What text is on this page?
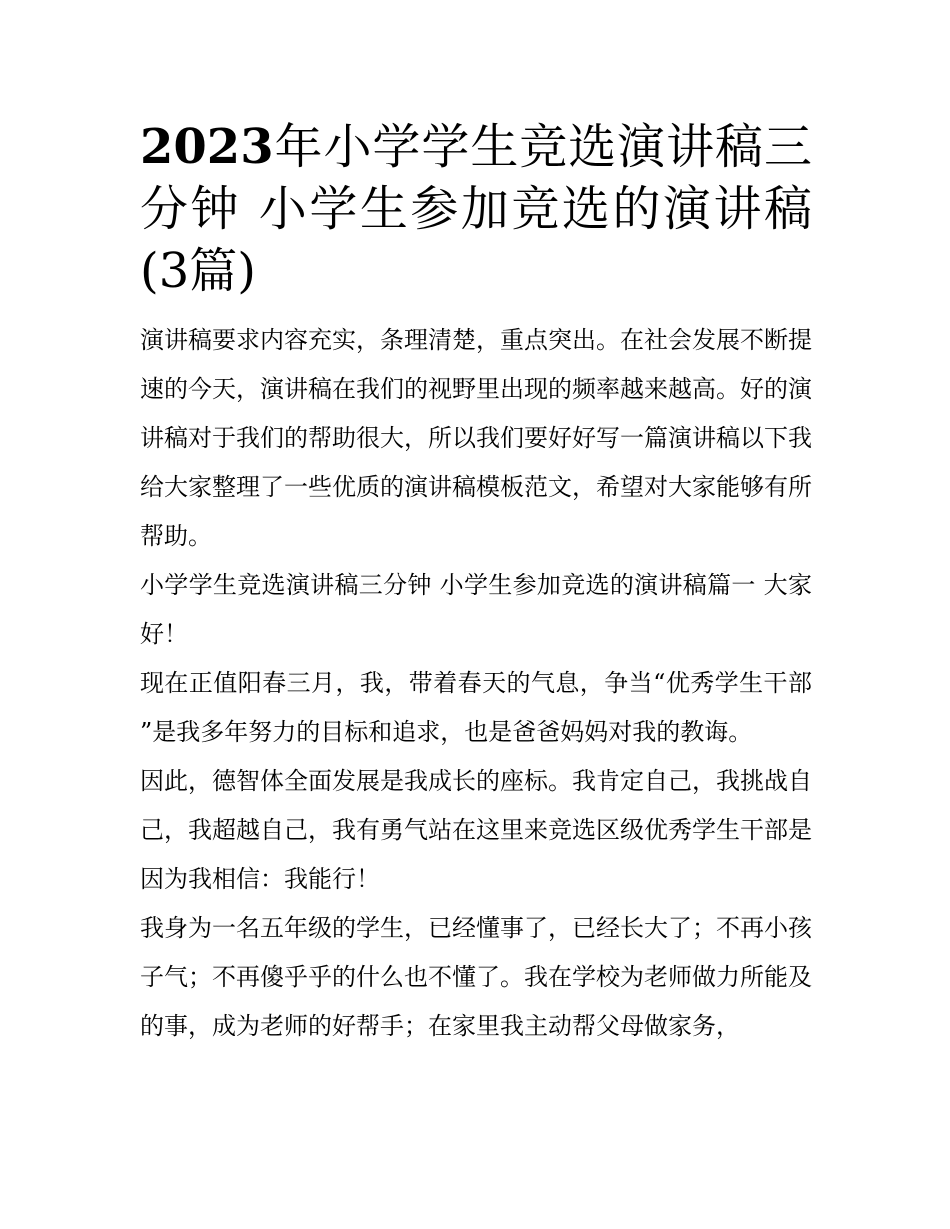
2023年小学学生竞选演讲稿三分钟 小学生参加竞选的演讲稿(3篇)

演讲稿要求内容充实，条理清楚，重点突出。在社会发展不断提速的今天，演讲稿在我们的视野里出现的频率越来越高。好的演讲稿对于我们的帮助很大，所以我们要好好写一篇演讲稿以下我给大家整理了一些优质的演讲稿模板范文，希望对大家能够有所帮助。

小学学生竞选演讲稿三分钟 小学生参加竞选的演讲稿篇一 大家好！

现在正值阳春三月，我，带着春天的气息，争当“优秀学生干部”是我多年努力的目标和追求，也是爸爸妈妈对我的教诲。

因此，德智体全面发展是我成长的座标。我肯定自己，我挑战自己，我超越自己，我有勇气站在这里来竞选区级优秀学生干部是因为我相信：我能行！

我身为一名五年级的学生，已经懂事了，已经长大了；不再小孩子气；不再傻乎乎的什么也不懂了。我在学校为老师做力所能及的事，成为老师的好帮手；在家里我主动帮父母做家务，
